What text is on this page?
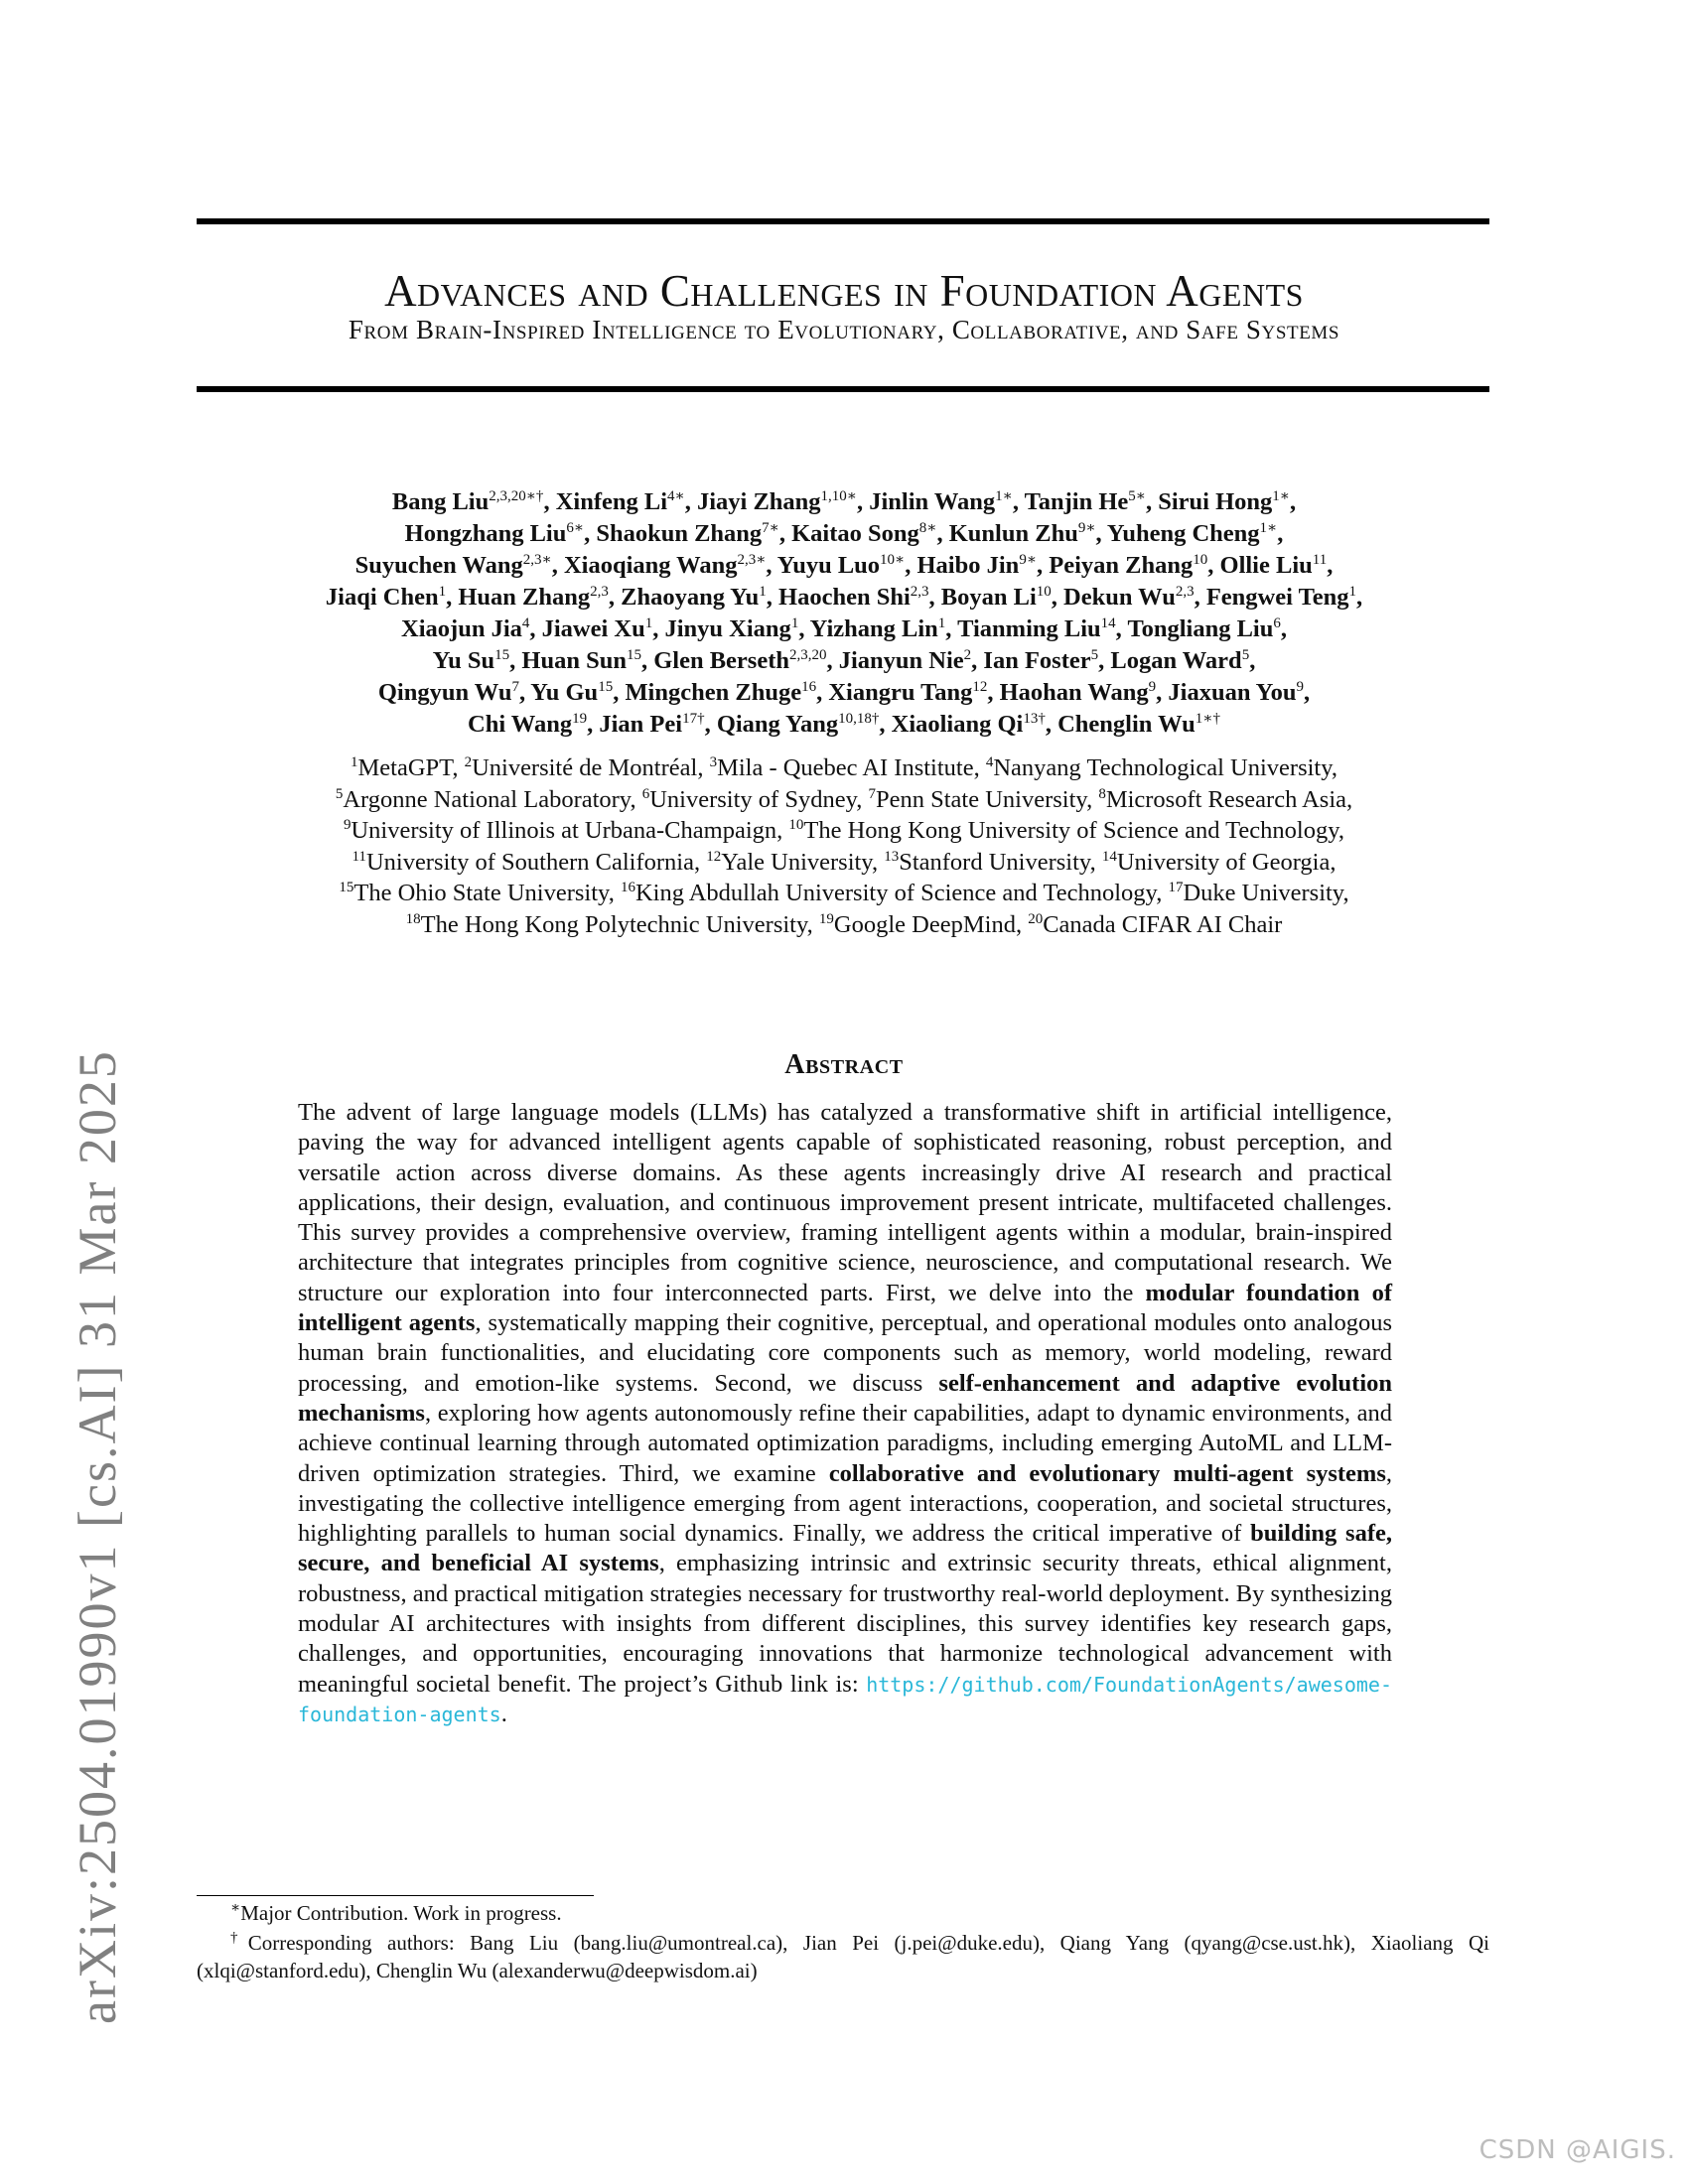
Advances and Challenges in Foundation Agents
From Brain-Inspired Intelligence to Evolutionary, Collaborative, and Safe Systems
arXiv:2504.01990v1 [cs.AI] 31 Mar 2025
Bang Liu$^{2,3,20∗\dagger}$, Xinfeng $Li^{4∗}$, Jiayi Zhang$^{1,10∗}$, Jinlin Wang$^{1∗}$, Tanjin $He^{5∗}$, Sirui Hong$^{1∗}$,
Hongzhang Liu$^{6∗}$, Shaokun Zhang$^{7∗}$, Kaitao Song$^{8∗}$, Kunlun Zhu$^{9∗}$, Yuheng Cheng$^{1∗}$,
Suyuchen Wang$^{2,3∗}$, Xiaoqiang Wang$^{2,3∗}$, Yuyu Luo$^{10∗}$, Haibo Jin$^{9∗}$, Peiyan Zhang$^{10}$, Ollie Liu$^{11}$,
Jiaqi Chen$^1$, Huan Zhang$^{2,3}$, Zhaoyang Yu$^1$, Haochen Shi$^{2,3}$, Boyan Li$^{10}$, Dekun Wu$^{2,3}$, Fengwei Teng$^1$,
Xiaojun Jia$^4$, Jiawei Xu$^1$, Jinyu Xiang$^1$, Yizhang Lin$^1$, Tianming Liu$^{14}$, Tongliang Liu$^6$,
Yu Su$^{15}$, Huan Sun$^{15}$, Glen Berseth$^{2,3,20}$, Jianyun Nie$^2$, Ian Foster$^5$, Logan Ward$^5$,
Qingyun Wu$^7$, Yu Gu$^{15}$, Mingchen Zhuge$^{16}$, Xiangru Tang$^{12}$, Haohan Wang$^9$, Jiaxuan You$^9$,
Chi Wang$^{19}$, Jian Pei$^{17\dagger}$, Qiang Yang$^{10,18\dagger}$, Xiaoliang $Qi^{13\dagger}$, Chenglin $Wu^{1∗\dagger}$
$^1$MetaGPT, $^2$Université de Montréal, $^3$Mila - Quebec AI Institute, $^4$Nanyang Technological University,
$^5$Argonne National Laboratory, $^6$University of Sydney, $^7$Penn State University, $^8$Microsoft Research Asia,
$^9$University of Illinois at Urbana-Champaign, $^{10}$The Hong Kong University of Science and Technology,
$^{11}$University of Southern California, $^{12}$Yale University, $^{13}$Stanford University, $^{14}$University of Georgia,
$^{15}$The Ohio State University, $^{16}$King Abdullah University of Science and Technology, $^{17}$Duke University,
$^{18}$The Hong Kong Polytechnic University, $^{19}$Google DeepMind, $^{20}$Canada CIFAR AI Chair
Abstract
The advent of large language models (LLMs) has catalyzed a transformative shift in artificial intelligence, paving the way for advanced intelligent agents capable of sophisticated reasoning, robust perception, and versatile action across diverse domains. As these agents increasingly drive AI research and practical applications, their design, evaluation, and continuous improvement present intricate, multifaceted challenges. This survey provides a comprehensive overview, framing intelligent agents within a modular, brain-inspired architecture that integrates principles from cognitive science, neuroscience, and computational research. We structure our exploration into four interconnected parts. First, we delve into the modular foundation of intelligent agents, systematically mapping their cognitive, perceptual, and operational modules onto analogous human brain functionalities, and elucidating core components such as memory, world modeling, reward processing, and emotion-like systems. Second, we discuss self-enhancement and adaptive evolution mechanisms, exploring how agents autonomously refine their capabilities, adapt to dynamic environments, and achieve continual learning through automated optimization paradigms, including emerging AutoML and LLM-driven optimization strategies. Third, we examine collaborative and evolutionary multi-agent systems, investigating the collective intelligence emerging from agent interactions, cooperation, and societal structures, highlighting parallels to human social dynamics. Finally, we address the critical imperative of building safe, secure, and beneficial AI systems, emphasizing intrinsic and extrinsic security threats, ethical alignment, robustness, and practical mitigation strategies necessary for trustworthy real-world deployment. By synthesizing modular AI architectures with insights from different disciplines, this survey identifies key research gaps, challenges, and opportunities, encouraging innovations that harmonize technological advancement with meaningful societal benefit. The project’s Github link is: https://github.com/FoundationAgents/awesome-foundation-agents.
∗Major Contribution. Work in progress.
†Corresponding authors: Bang Liu (bang.liu@umontreal.ca), Jian Pei (j.pei@duke.edu), Qiang Yang (qyang@cse.ust.hk), Xiaoliang Qi (xlqi@stanford.edu), Chenglin Wu (alexanderwu@deepwisdom.ai)
CSDN @AIGIS.
